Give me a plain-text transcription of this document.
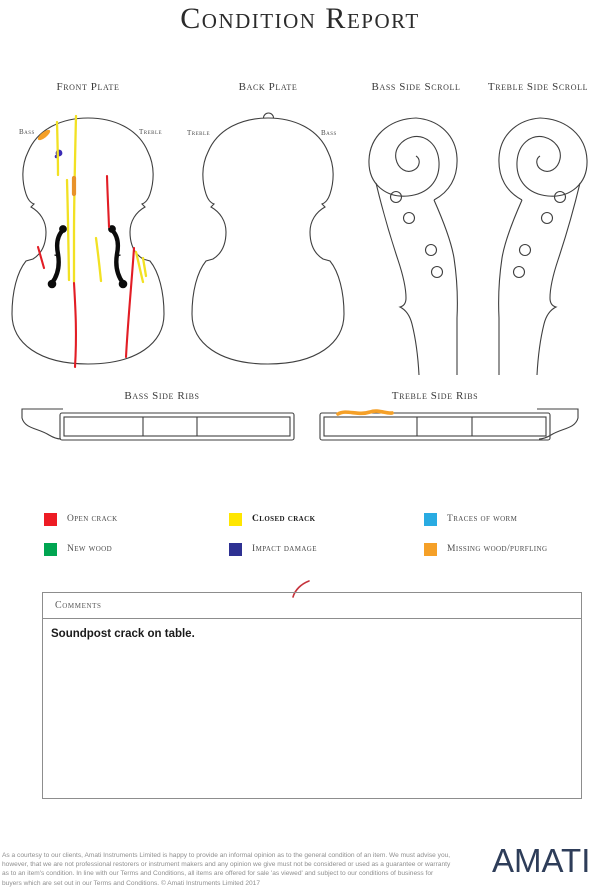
Condition Report
Front Plate	Back Plate	Bass Side Scroll	Treble Side Scroll
Bass Side Ribs	Treble Side Ribs
Bass	Treble	Treble	Bass
Open crack	Closed crack	Traces of worm
New wood	Impact damage	Missing wood/purfling
Comments
Soundpost crack on table.
As a courtesy to our clients, Amati Instruments Limited is happy to provide an informal opinion as to the general condition of an item. We must advise you, however, that we are not professional restorers or instrument makers and any opinion we give must not be considered or used as a guarantee or warranty as to an item's condition. In line with our Terms and Conditions, all items are offered for sale 'as viewed' and subject to our conditions of business for buyers which are set out in our Terms and Conditions. © Amati Instruments Limited 2017
AMATI
